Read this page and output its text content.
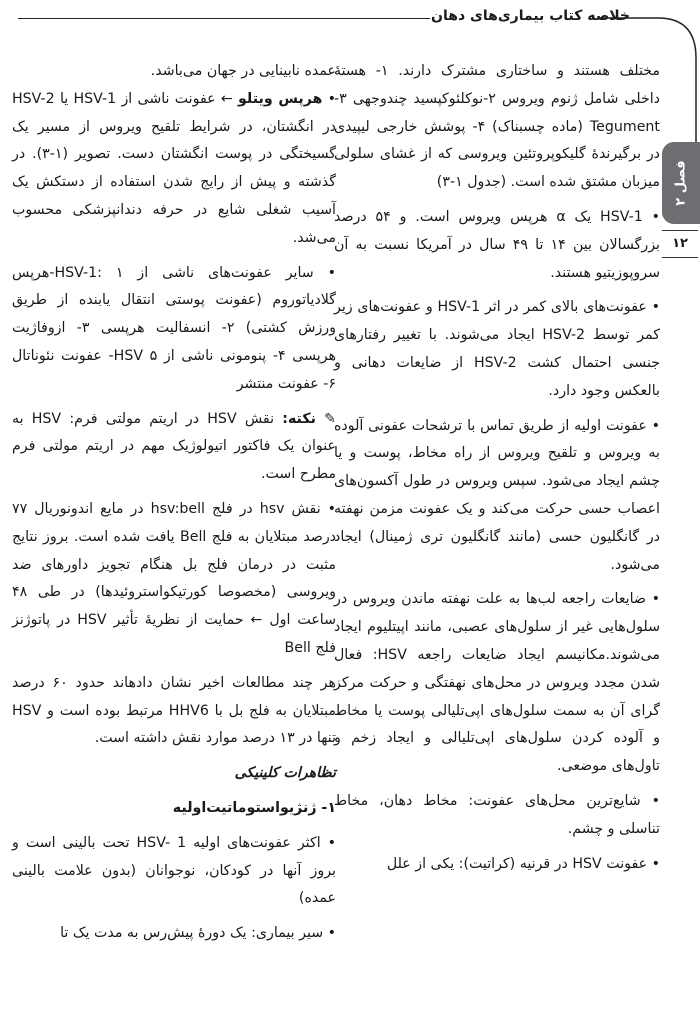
خلاصه کتاب بیماری‌های دهان
فصل ۲
۱۲

مختلف هستند و ساختاری مشترک دارند. ۱- هستهٔ داخلی شامل ژنوم ویروس ۲-نوکلئوکپسید چندوجهی ۳- Tegument (ماده چسبناک) ۴- پوشش خارجی لیپیدی در برگیرندهٔ گلیکوپروتئین ویروسی که از غشای سلولی میزبان مشتق شده است. (جدول ۱-۳)

• HSV-1 یک α هرپس ویروس است. و ۵۴ درصد بزرگسالان بین ۱۴ تا ۴۹ سال در آمریکا نسبت به آن سروپوزیتیو هستند.

• عفونت‌های بالای کمر در اثر HSV-1 و عفونت‌های زیر کمر توسط HSV-2 ایجاد می‌شوند. با تغییر رفتارهای جنسی احتمال کشت HSV-2 از ضایعات دهانی و بالعکس وجود دارد.

• عفونت اولیه از طریق تماس با ترشحات عفونی آلوده به ویروس و تلقیح ویروس از راه مخاط، پوست و یا چشم ایجاد می‌شود. سپس ویروس در طول آکسون‌های اعصاب حسی حرکت می‌کند و یک عفونت مزمن نهفته در گانگلیون حسی (مانند گانگلیون تری ژمینال) ایجاد می‌شود.

• ضایعات راجعه لب‌ها به علت نهفته ماندن ویروس در سلول‌هایی غیر از سلول‌های عصبی، مانند اپیتلیوم ایجاد می‌شوند.مکانیسم ایجاد ضایعات راجعه HSV: فعال شدن مجدد ویروس در محل‌های نهفتگی و حرکت مرکز گرای آن به سمت سلول‌های اپی‌تلیالی پوست یا مخاط و آلوده کردن سلول‌های اپی‌تلیالی و ایجاد زخم و تاول‌های موضعی.

• شایع‌ترین محل‌های عفونت: مخاط دهان، مخاط تناسلی و چشم.

• عفونت HSV در قرنیه (کراتیت): یکی از علل

عمده نابینایی در جهان می‌باشد.

• هرپس ویتلو ← عفونت ناشی از HSV-1 یا HSV-2 در انگشتان، در شرایط تلقیح ویروس از مسیر یک گسیختگی در پوست انگشتان دست. تصویر (۱-۳). در گذشته و پیش از رایج شدن استفاده از دستکش یک آسیب شغلی شایع در حرفه دندانپزشکی محسوب می‌شد.

• سایر عفونت‌های ناشی از HSV-1: ۱-هرپس گلادیاتوروم (عفونت پوستی انتقال یابنده از طریق ورزش کشتی) ۲- انسفالیت هرپسی ۳- ازوفاژیت هرپسی ۴- پنومونی ناشی از HSV ۵- عفونت نئوناتال ۶- عفونت منتشر

✎ نکته: نقش HSV در اریتم مولتی فرم: HSV به عنوان یک فاکتور اتیولوژیک مهم در اریتم مولتی فرم مطرح است.

• نقش hsv در فلج hsv:bell در مایع اندونوریال ۷۷ درصد مبتلایان به فلج Bell یافت شده است. بروز نتایج مثبت در درمان فلج بل هنگام تجویز داورهای ضد ویروسی (مخصوصا کورتیکواستروئیدها) در طی ۴۸ ساعت اول ← حمایت از نظریهٔ تأثیر HSV در پاتوژنز فلج Bell

هر چند مطالعات اخیر نشان دادهاند حدود ۶۰ درصد مبتلایان به فلج بل با HHV6 مرتبط بوده است و HSV تنها در ۱۳ درصد موارد نقش داشته است.

تظاهرات کلینیکی

۱- ژنژیواستوماتیت‌اولیه

• اکثر عفونت‌های اولیه HSV- 1 تحت بالینی است و بروز آنها در کودکان، نوجوانان (بدون علامت بالینی عمده)

• سیر بیماری: یک دورهٔ پیش‌رس به مدت یک تا
